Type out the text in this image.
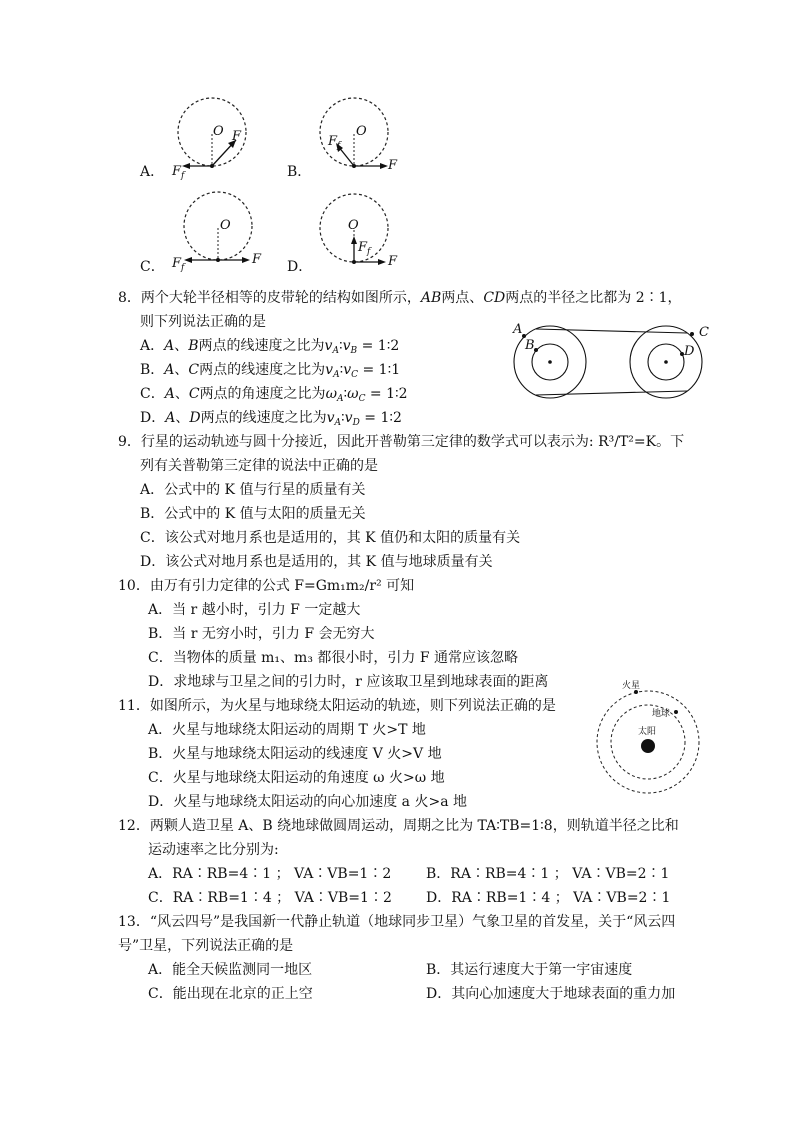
A．
O F
$F_f$	B．
O
$F_f$
F
C．
O
$F_f$
F D．
O
$F_f$
F
8．两个大轮半径相等的皮带轮的结构如图所示，AB两点、CD两点的半径之比都为 2∶1，
则下列说法正确的是
A．A、B两点的线速度之比为$v_A∶v_B$ = 1∶2
B．A、C两点的线速度之比为$v_A∶v_C$ = 1∶1
C．A、C两点的角速度之比为$\omega_A∶\omega_C$ = 1∶2
D．A、D两点的线速度之比为$v_A∶v_D$ = 1∶2
A
B
C
D
9．行星的运动轨迹与圆十分接近，因此开普勒第三定律的数学式可以表示为: R³/T²=K。下
列有关普勒第三定律的说法中正确的是
A．公式中的 K 值与行星的质量有关
B．公式中的 K 值与太阳的质量无关
C．该公式对地月系也是适用的，其 K 值仍和太阳的质量有关
D．该公式对地月系也是适用的，其 K 值与地球质量有关
10．由万有引力定律的公式 F=Gm₁m₂/r² 可知
A．当 r 越小时，引力 F 一定越大
B．当 r 无穷小时，引力 F 会无穷大
C．当物体的质量 m₁、m₃ 都很小时，引力 F 通常应该忽略
D．求地球与卫星之间的引力时，r 应该取卫星到地球表面的距离
11．如图所示，为火星与地球绕太阳运动的轨迹，则下列说法正确的是
A．火星与地球绕太阳运动的周期 T 火>T 地
B．火星与地球绕太阳运动的线速度 V 火>V 地
C．火星与地球绕太阳运动的角速度 ω 火>ω 地
D．火星与地球绕太阳运动的向心加速度 a 火>a 地
火星
地球
太阳
12．两颗人造卫星 A、B 绕地球做圆周运动，周期之比为 TA∶TB=1∶8，则轨道半径之比和
运动速率之比分别为:
A．RA∶RB=4∶1 ； VA∶VB=1∶2 B．RA∶RB=4∶1 ； VA∶VB=2∶1
C．RA∶RB=1∶4 ； VA∶VB=1∶2 D．RA∶RB=1∶4 ； VA∶VB=2∶1
13．“风云四号”是我国新一代静止轨道（地球同步卫星）气象卫星的首发星，关于“风云四
号”卫星，下列说法正确的是
A．能全天候监测同一地区	B．其运行速度大于第一宇宙速度
C．能出现在北京的正上空	D．其向心加速度大于地球表面的重力加
